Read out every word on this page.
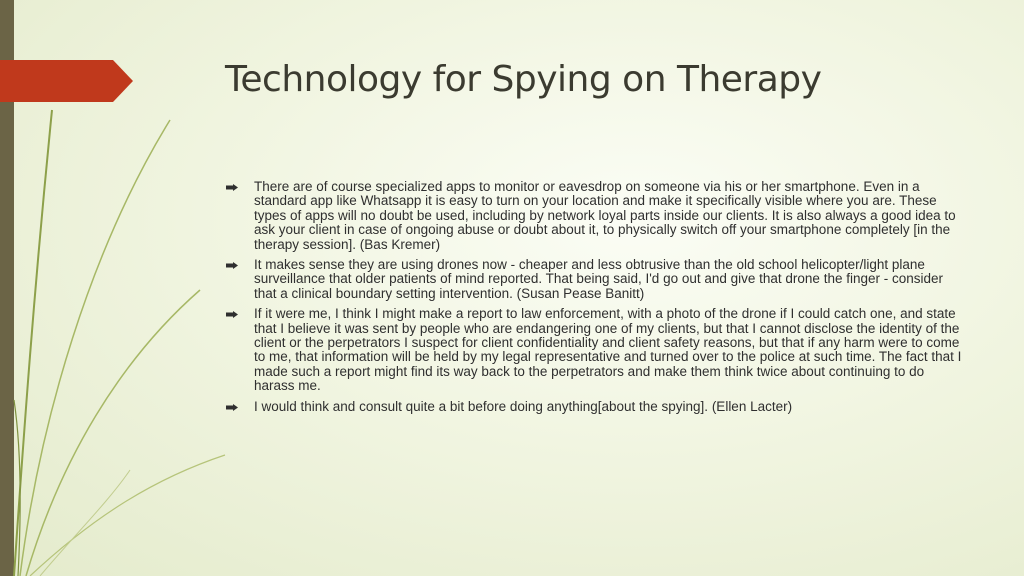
Technology for Spying on Therapy
There are of course specialized apps to monitor or eavesdrop on someone via his or her smartphone. Even in a standard app like Whatsapp it is easy to turn on your location and make it specifically visible where you are. These types of apps will no doubt be used, including by network loyal parts inside our clients. It is also always a good idea to ask your client in case of ongoing abuse or doubt about it, to physically switch off your smartphone completely [in the therapy session]. (Bas Kremer)
It makes sense they are using drones now - cheaper and less obtrusive than the old school helicopter/light plane surveillance that older patients of mind reported. That being said, I'd go out and give that drone the finger - consider that a clinical boundary setting intervention. (Susan Pease Banitt)
If it were me, I think I might make a report to law enforcement, with a photo of the drone if I could catch one, and state that I believe it was sent by people who are endangering one of my clients, but that I cannot disclose the identity of the client or the perpetrators I suspect for client confidentiality and client safety reasons, but that if any harm were to come to me, that information will be held by my legal representative and turned over to the police at such time. The fact that I made such a report might find its way back to the perpetrators and make them think twice about continuing to do harass me.
I would think and consult quite a bit before doing anything[about the spying]. (Ellen Lacter)
